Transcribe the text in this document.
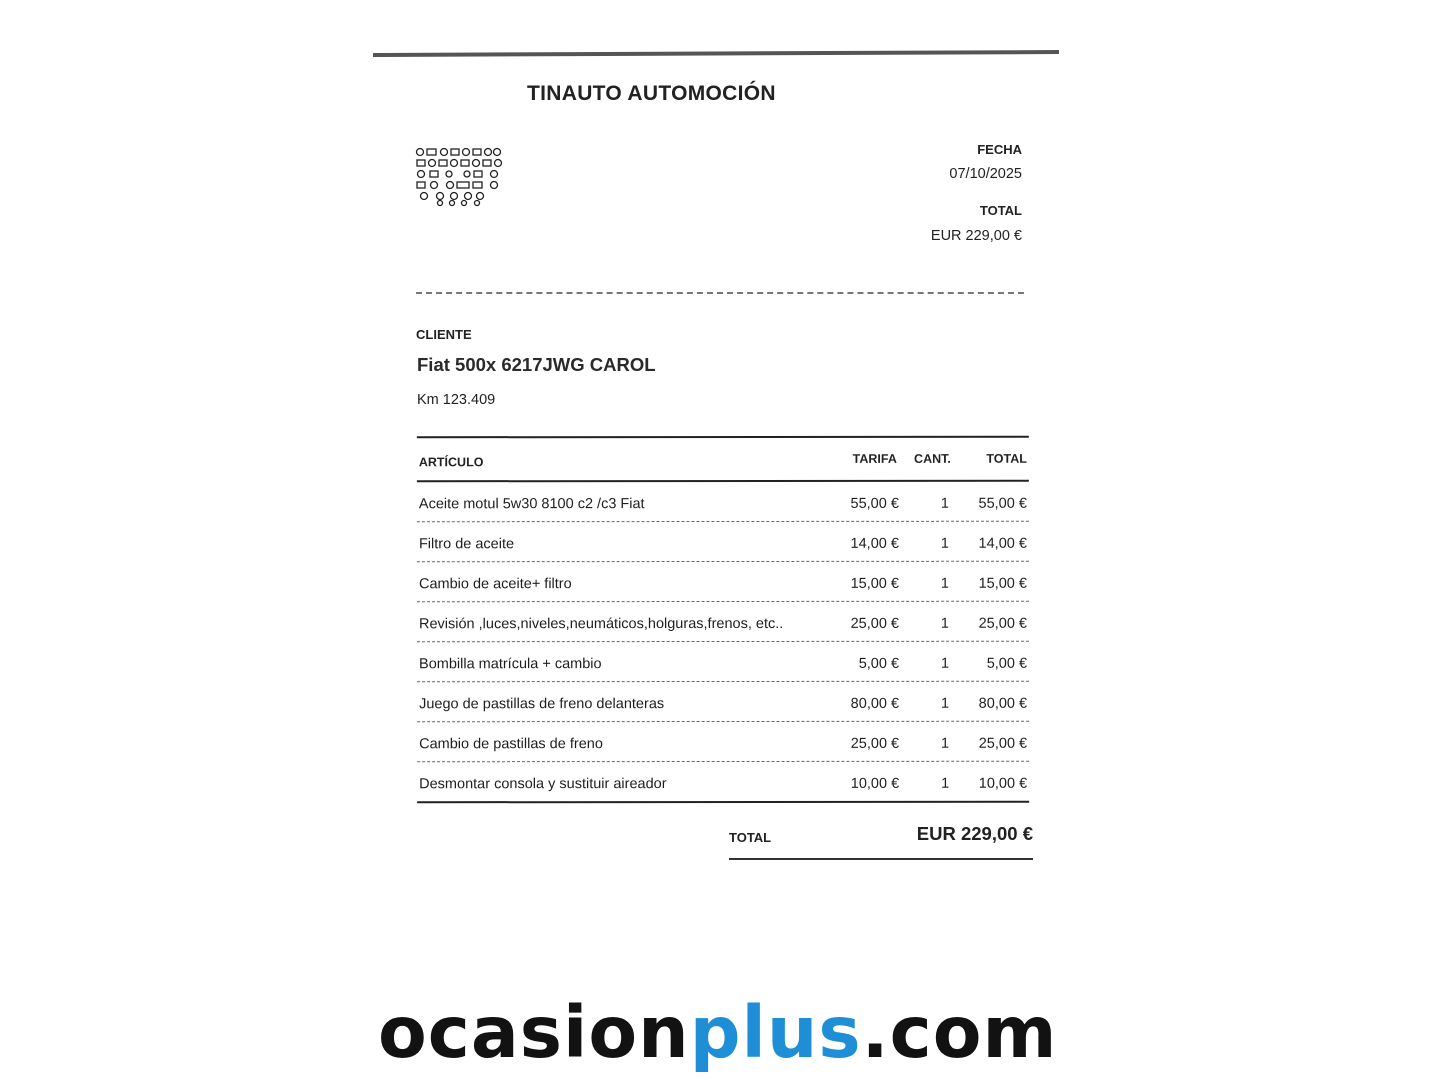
TINAUTO AUTOMOCIÓN
FECHA
07/10/2025
TOTAL
EUR 229,00 €
CLIENTE
Fiat 500x 6217JWG CAROL
Km 123.409
ARTÍCULO	TARIFA CANT.	TOTAL
Aceite motul 5w30 8100 c2 /c3 Fiat	55,00 €	1 55,00 €
Filtro de aceite	14,00 €	1 14,00 €
Cambio de aceite+ filtro	15,00 €	1 15,00 €
Revisión ,luces,niveles,neumáticos,holguras,frenos, etc..	25,00 €	1 25,00 €
Bombilla matrícula + cambio	5,00 €	1	5,00 €
Juego de pastillas de freno delanteras	80,00 €	1 80,00 €
Cambio de pastillas de freno	25,00 €	1 25,00 €
Desmontar consola y sustituir aireador	10,00 €	1 10,00 €
TOTAL	EUR 229,00 €
ocasionplus.com
